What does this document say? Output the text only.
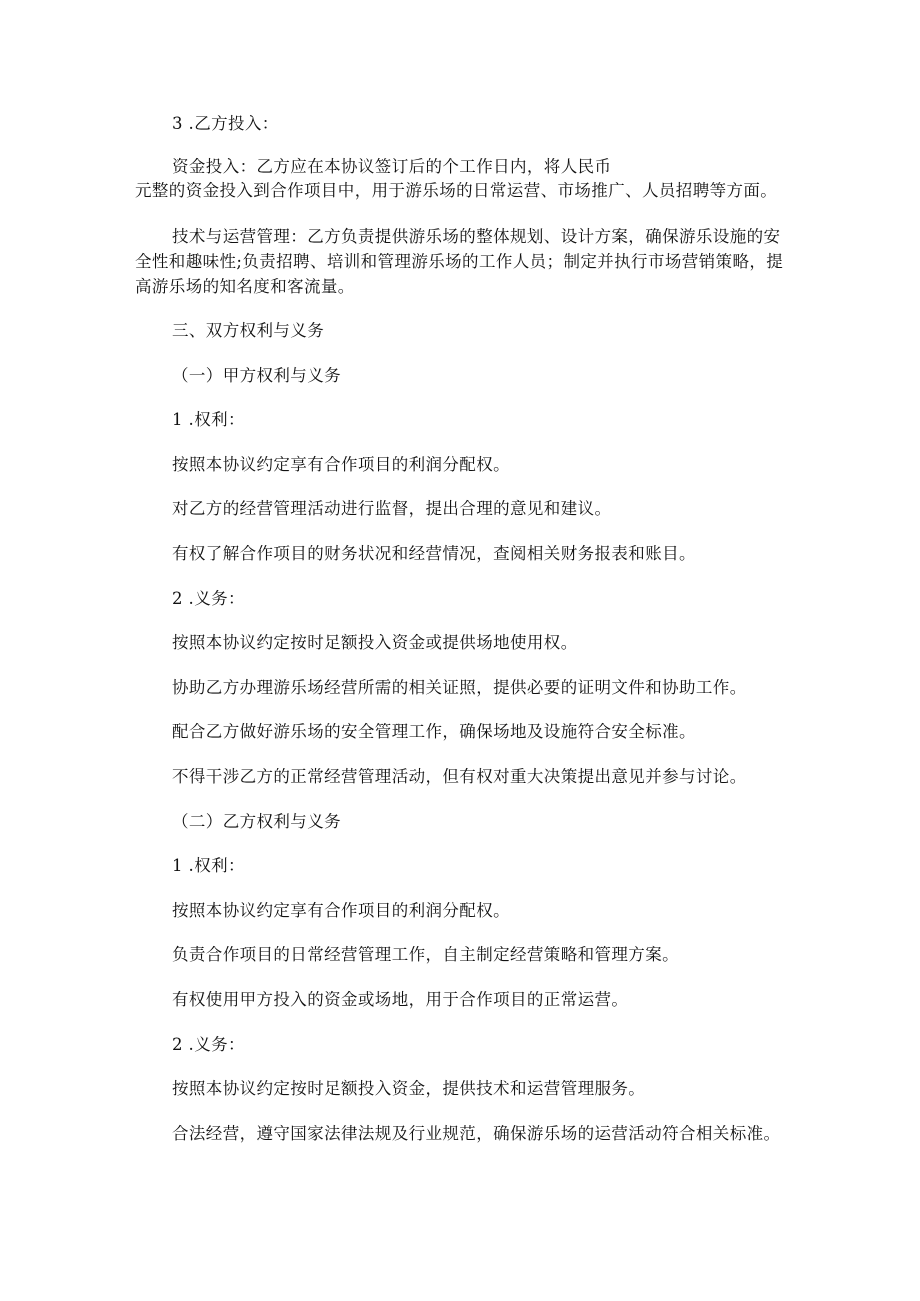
3 .乙方投入：

资金投入：乙方应在本协议签订后的个工作日内，将人民币

元整的资金投入到合作项目中，用于游乐场的日常运营、市场推广、人员招聘等方面。

技术与运营管理：乙方负责提供游乐场的整体规划、设计方案，确保游乐设施的安

全性和趣味性;负责招聘、培训和管理游乐场的工作人员；制定并执行市场营销策略，提

高游乐场的知名度和客流量。

三、双方权利与义务

（一）甲方权利与义务

1 .权利：

按照本协议约定享有合作项目的利润分配权。

对乙方的经营管理活动进行监督，提出合理的意见和建议。

有权了解合作项目的财务状况和经营情况，查阅相关财务报表和账目。

2 .义务：

按照本协议约定按时足额投入资金或提供场地使用权。

协助乙方办理游乐场经营所需的相关证照，提供必要的证明文件和协助工作。

配合乙方做好游乐场的安全管理工作，确保场地及设施符合安全标准。

不得干涉乙方的正常经营管理活动，但有权对重大决策提出意见并参与讨论。

（二）乙方权利与义务

1 .权利：

按照本协议约定享有合作项目的利润分配权。

负责合作项目的日常经营管理工作，自主制定经营策略和管理方案。

有权使用甲方投入的资金或场地，用于合作项目的正常运营。

2 .义务：

按照本协议约定按时足额投入资金，提供技术和运营管理服务。

合法经营，遵守国家法律法规及行业规范，确保游乐场的运营活动符合相关标准。
